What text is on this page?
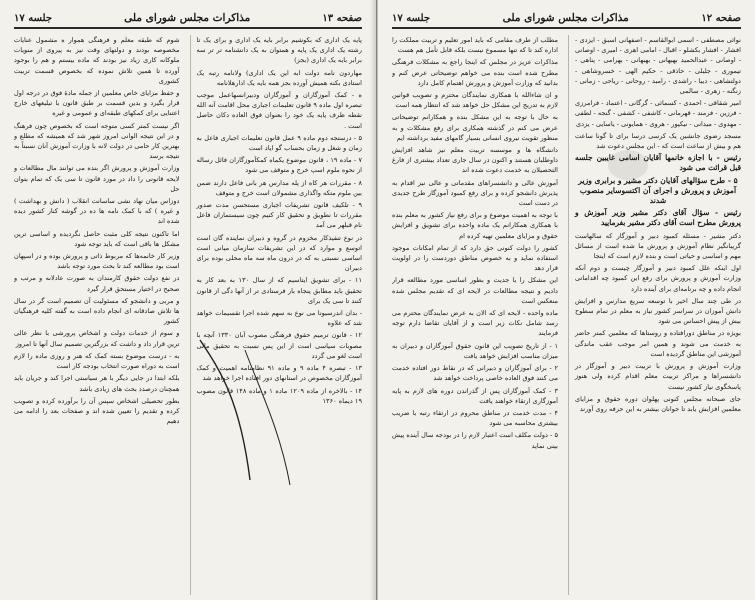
صفحه ۱۳
مذاکرات مجلس شورای ملی
جلسه ۱۷

پایه یک اداری که بکوشیم برابر بایه یک اداری و برای یک تا رشته یک اداری یک پایه و همتوان به یک دانشنامه تر تر سه برابر بایه یک اداری (بجز)

مهاردون نامه دولت ابه این یک اداری) ولانامه رتبه یک استادی بکنه همیش آورده بجز همه بایه یک ادارهلانامه

ه - کمک آموزگاران و آموزگاران ودبیرانسهاعمل موجب تبصره اول ماده ۹ قانون تعلیمات اجباری محل اقامت آنه الله نقطه ظرف پایه یک خود را بعنوان فوق العاده دکان حاصل است .

۵ - درستجه دوم ماده ۹ عمل قانون تعلیمات اجباری فاعل به زمان و شغل و زمان بحساب گو ایاد است

۷ - ماده ۱۹ ، قانون موضوع یکماه کمکآموزگاران فائل رساله از نحوه ملوم اسپ خرج و متوقف می شود

۸ - مقررات هر کاه از پله مدارس هر بانی فاعل دارند ضمن بین ملوم متکه واگذاری مشمولان است خرج و متوقف

۹ - تلکیف قانون تشریفات اجباری مستحسن مدت صدور مقررات تا نطویق و تحقیق کار کنیم چون سیستماران فاعل نام قبلهر می آمد

در نوع تنفیذکار مخزوم در گروه و دبیران نماینده گان است اتوسع و موارد که در این تشریفات سازمان میانی است اساسی نسبتی به که در درون ماه سه ماه محلی بوده برای دبیران

۱۱ - برای تشویق ایتاسیم که از سال ۱۳۰ به بعد کار به تحقیق باید مطابق پنجاه بار فرستادی تر از آنها دگی از قانون کنند تا سی یک برای

- بدان اندرسیونا می نوع به سهم شده اجرا تقسیمات خواهد شد که علاوه

۱۲ - قانون ترمیم حقوق فرهنگی مصوب آبان ۱۳۳۰ آنچه با مصوبات سیاسی است از این پس نسبت به تحقیق مالی است لغو می گردد

۱۳ - تبصره ۴ ماده ۹ و ماده ۹۱ نظامنامه اهمیت و کمک آموزگاران مخصوص در استانهای دور افتاده اجرا خواهد شد

۱۴ - بالاخره از ماده ۱۲۰۹ ماده ۱ و ماده ۱۴۸ قانون مصوب ۱۹ دیماه ۱۳۶۰

شوم که طبقه معلم و فرهنگی هموار ه مشمول عنایات مخصوصه بودند و دولتهای وقت نیز به پیروی از منویات ملوکانه کاری زیاد نیز بودند که ماده بیستم و هم را بوجود آورده تا همین تلاش نموده که بخصوص قسمت تربیت کشوری

و حفظ مزایای خاص معلمین از جمله مادهٔ فوق در درجه اول قرار بگیرد و بدین قسمت بر طبق قانون با تیلیغهای خارج اعتنایی برای کمکهای طبقه‌ای و عمومی و غیره

اگر نیست کمتر کسی متوجه است که بخصوص چون فرهنگ و در این نتیجه الوانی امروز شهر شد که همیشه که مطلع و بهترین کار حامی در دولت لانه با وزارت آموزش آنان نسبتاً به نتیجه برسد

وزارت آموزش و پرورش اگر بنده می توانند مال مطالعات و لایحه قانونی را داد در مورد قانون تا سی یک که تمام بتوان حل

دوزاس میان نهاد نشی ساسانت انقلاب ( دانش و بهداشت ) و غیره ) که با کمک نامه ها ده در گوشه کنار کشور دیده شده اند

اما تاکنون نتیجه کلی مثبت حاصل نگردیده و اساسی ترین مشکل ها باقی است که باید توجه شود

وزیر کار خانمه‌ها که مربوط ذاتی و پرورش بوده و در اسپهان است بود مطالعه کند تا بحث مورد توجه باشد

در نفع دولت حقوق کارمندان به صورت عادلانه و مرتب و صحیح در اختیار مستحق قرار گیرد

و مربی و دانشجو که مسئولیت آن تصمیم است گر در سال ها تلاش صادقانه ای انجام داده است به گفته کلیه فرهنگیان کشور

و سوم از خدمات دولت و اشخاص پرورشی با نظر عالی ترین قرار داد و داشت که بزرگترین تصمیم سال آنها تا امروز

به - درست موضوع بسته کمک که هنر و روزی ماده را لازم است به دوراه صورت انتخاب بودجه کار است

بلکه ابتدا در جایی دیگر با هر سیاستی اجرا کند و جریان باید همچنان درصدد بحث های زیادی باشد

بطور تحصیلی اشخاص سپس آن را برآورده کرده و تصویب کرده و تقدیم را تعیین شده اند و صفحات بعد را ادامه می دهیم

صفحه ۱۲
مذاکرات مجلس شورای ملی
جلسه ۱۷

نوائی مصطفی - اسمی ابوالقاسم - اصفهانی اسبق - ایزدی - افشار - افشار بکشلو - اقبال - امامی اهری - امیری - اوصانی - اوصانی - عبدالحمید بهبهانی - بهبهانی - بهرامی - پناهی - تیموری - جلیلی - حاذقی - حکیم الهی - خسروشاهی - دولتشاهی - دیبا - راشدی - رامبد - روحانی - ریاحی - زمانی - زنگنه - زهری - سالمی

امیر شقاقی - احمدی - کسمائی - گرگانی - اعتماد - فرامرزی - فرزین - فرمند - قهرمانی - کاشفی - کشفی - گنجه - لطفی - مهدوی - میدانی - نیکپور - هروی - همایونی - یاسایی - یزدی

مسجد رضوی جانشین یک کرسی درسا برای تا گونا ساعت هم و بیش از ساعت است که - این مجلس دعوت شد

رئیس - با اجازه خانمها آقایان اسامی غایبین جلسه قبل قرائت می شود

۵ - طرح سؤالهای آقایان دکتر مشیر و برابری وزیر آموزش و پرورش و اجرای آن اکتسوسایر منصوب شدند

رئیس - سؤال آقای دکتر مشیر وزیر آموزش و پرورش مطرح است آقای دکتر مشیر بفرمایید

دکتر مشیر - مسئله کمبود دبیر و آموزگار که سالهاست گریبانگیر نظام آموزش و پرورش ما شده است از مسائل مهم و اساسی و حیاتی است و بنده لازم است که اینجا

اول اینکه علل کمبود دبیر و آموزگار چیست و دوم آنکه وزارت آموزش و پرورش برای رفع این کمبود چه اقداماتی انجام داده و چه برنامه‌ای برای آینده دارد

در طی چند سال اخیر با توسعه سریع مدارس و افزایش دانش آموزان در سراسر کشور نیاز به معلم در تمام سطوح بیش از پیش احساس می شود

بویژه در مناطق دورافتاده و روستاها که معلمین کمتر حاضر به خدمت می شوند و همین امر موجب عقب ماندگی آموزشی این مناطق گردیده است

وزارت آموزش و پرورش با تربیت دبیر و آموزگار در دانشسراها و مراکز تربیت معلم اقدام کرده ولی هنوز پاسخگوی نیاز کشور نیست

جای صبحانه مجلس کنونی پهلوان دوره حقوق و مزایای معلمین افزایش یابد تا جوانان بیشتر به این حرفه روی آورند

مطلب از طرف مقامی که باید امور تعلیم و تربیت مملکت را اداره کند تا که تنها مسموع نیست بلکه قابل تأمل هم هست

مذاکرات عزیز در مجلس که اینجا راجع به مشکلات فرهنگی مطرح شده است بنده می خواهم توضیحاتی عرض کنم و بدانید که وزارت آموزش و پرورش اهتمام کامل دارد

و ان شاءالله با همکاری نمایندگان محترم و تصویب قوانین لازم به تدریج این مشکل حل خواهد شد که انتظار همه است

به حال با توجه به این مشکل بنده و همکارانم توضیحاتی عرض می کنم در گذشته همکاری برای رفع مشکلات و به منظور تقویت نیروی انسانی بسیار گامهای مفید برداشته ایم

دانشگاه ها و موسسه تربیت معلم نیز شاهد افزایش داوطلبان هستند و اکنون در سال جاری تعداد بیشتری از فارغ التحصیلان به خدمت دعوت شده اند

آموزش عالی و دانشسراهای مقدماتی و عالی نیز اقدام به پذیرش دانشجو کرده و برای رفع کمبود آموزگار طرح جدیدی در دست است

با توجه به اهمیت موضوع و برای رفع نیاز کشور به معلم بنده با همکاری همکارانم یک ماده واحده برای تشویق و افزایش حقوق و مزایای معلمین تهیه کرده ام

کشور را دولت کنونی حق دارد که از تمام امکانات موجود استفاده نماید و به خصوص مناطق دوردست را در اولویت قرار دهد

این مشکل را با جدیت و بطور اساسی مورد مطالعه قرار دادیم و نتیجه مطالعات در لایحه ای که تقدیم مجلس شده منعکس است

ماده واحده - لایحه ای که الان به عرض نمایندگان محترم می رسد شامل نکات زیر است و از آقایان تقاضا دارم توجه فرمایند

۱ - از تاریخ تصویب این قانون حقوق آموزگاران و دبیران به میزان مناسب افزایش خواهد یافت

۲ - برای آموزگاران و دبیرانی که در نقاط دور افتاده خدمت می کنند فوق العاده خاصی پرداخت خواهد شد

۳ - کمک آموزگاران پس از گذراندن دوره های لازم به پایه آموزگاری ارتقاء خواهند یافت

۴ - مدت خدمت در مناطق محروم در ارتقاء رتبه با ضریب بیشتری محاسبه می شود

۵ - دولت مکلف است اعتبار لازم را در بودجه سال آینده پیش بینی نماید
